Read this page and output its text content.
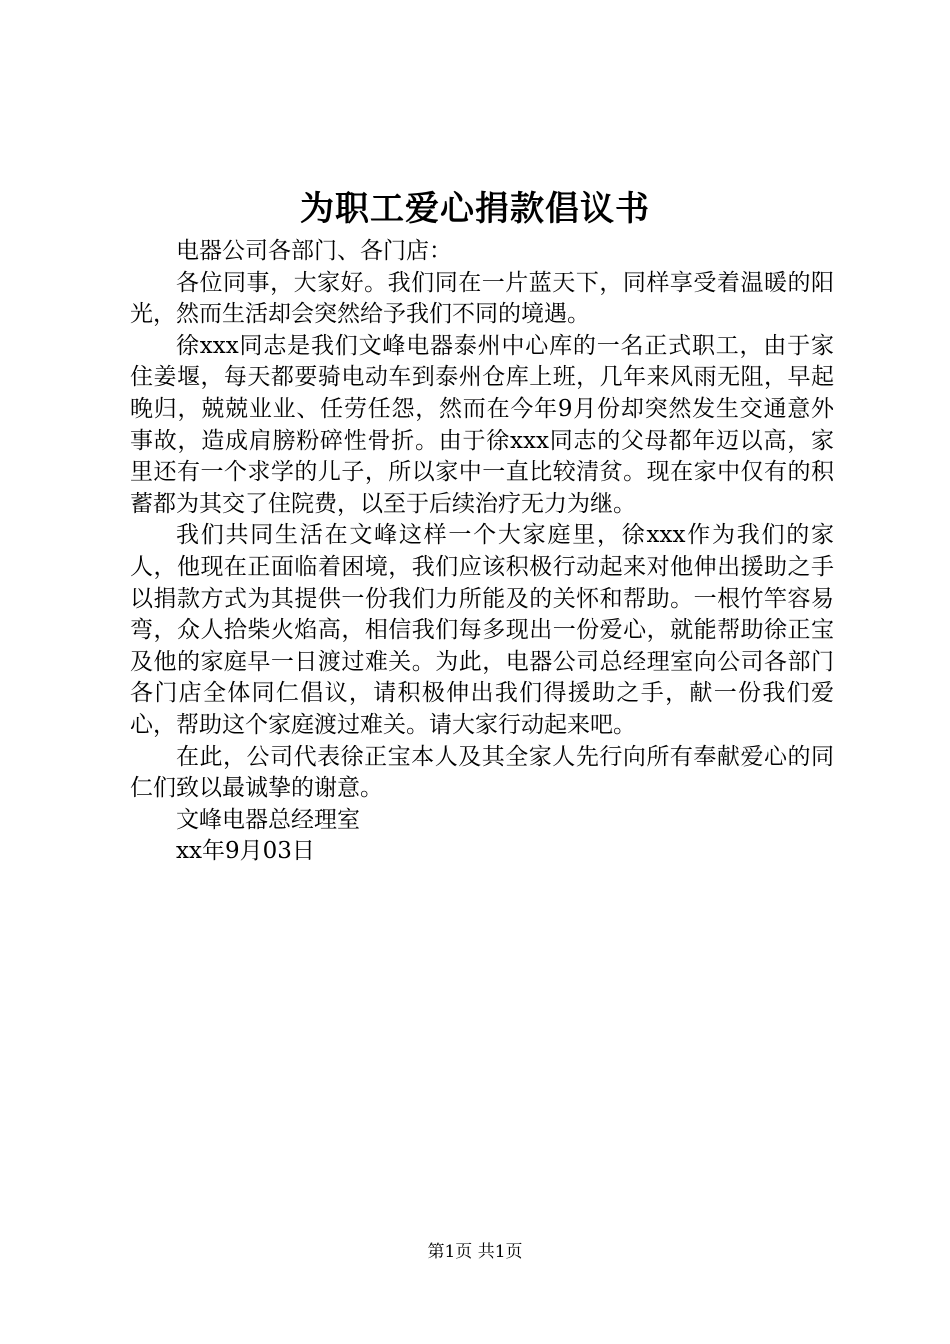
为职工爱心捐款倡议书

电器公司各部门、各门店：

各位同事，大家好。我们同在一片蓝天下，同样享受着温暖的阳光，然而生活却会突然给予我们不同的境遇。

徐xxx同志是我们文峰电器泰州中心库的一名正式职工，由于家住姜堰，每天都要骑电动车到泰州仓库上班，几年来风雨无阻，早起晚归，兢兢业业、任劳任怨，然而在今年9月份却突然发生交通意外事故，造成肩膀粉碎性骨折。由于徐xxx同志的父母都年迈以高，家里还有一个求学的儿子，所以家中一直比较清贫。现在家中仅有的积蓄都为其交了住院费，以至于后续治疗无力为继。

我们共同生活在文峰这样一个大家庭里，徐xxx作为我们的家人，他现在正面临着困境，我们应该积极行动起来对他伸出援助之手以捐款方式为其提供一份我们力所能及的关怀和帮助。一根竹竿容易弯，众人拾柴火焰高，相信我们每多现出一份爱心，就能帮助徐正宝及他的家庭早一日渡过难关。为此，电器公司总经理室向公司各部门各门店全体同仁倡议，请积极伸出我们得援助之手，献一份我们爱心，帮助这个家庭渡过难关。请大家行动起来吧。

在此，公司代表徐正宝本人及其全家人先行向所有奉献爱心的同仁们致以最诚挚的谢意。

文峰电器总经理室

xx年9月03日

第1页 共1页
